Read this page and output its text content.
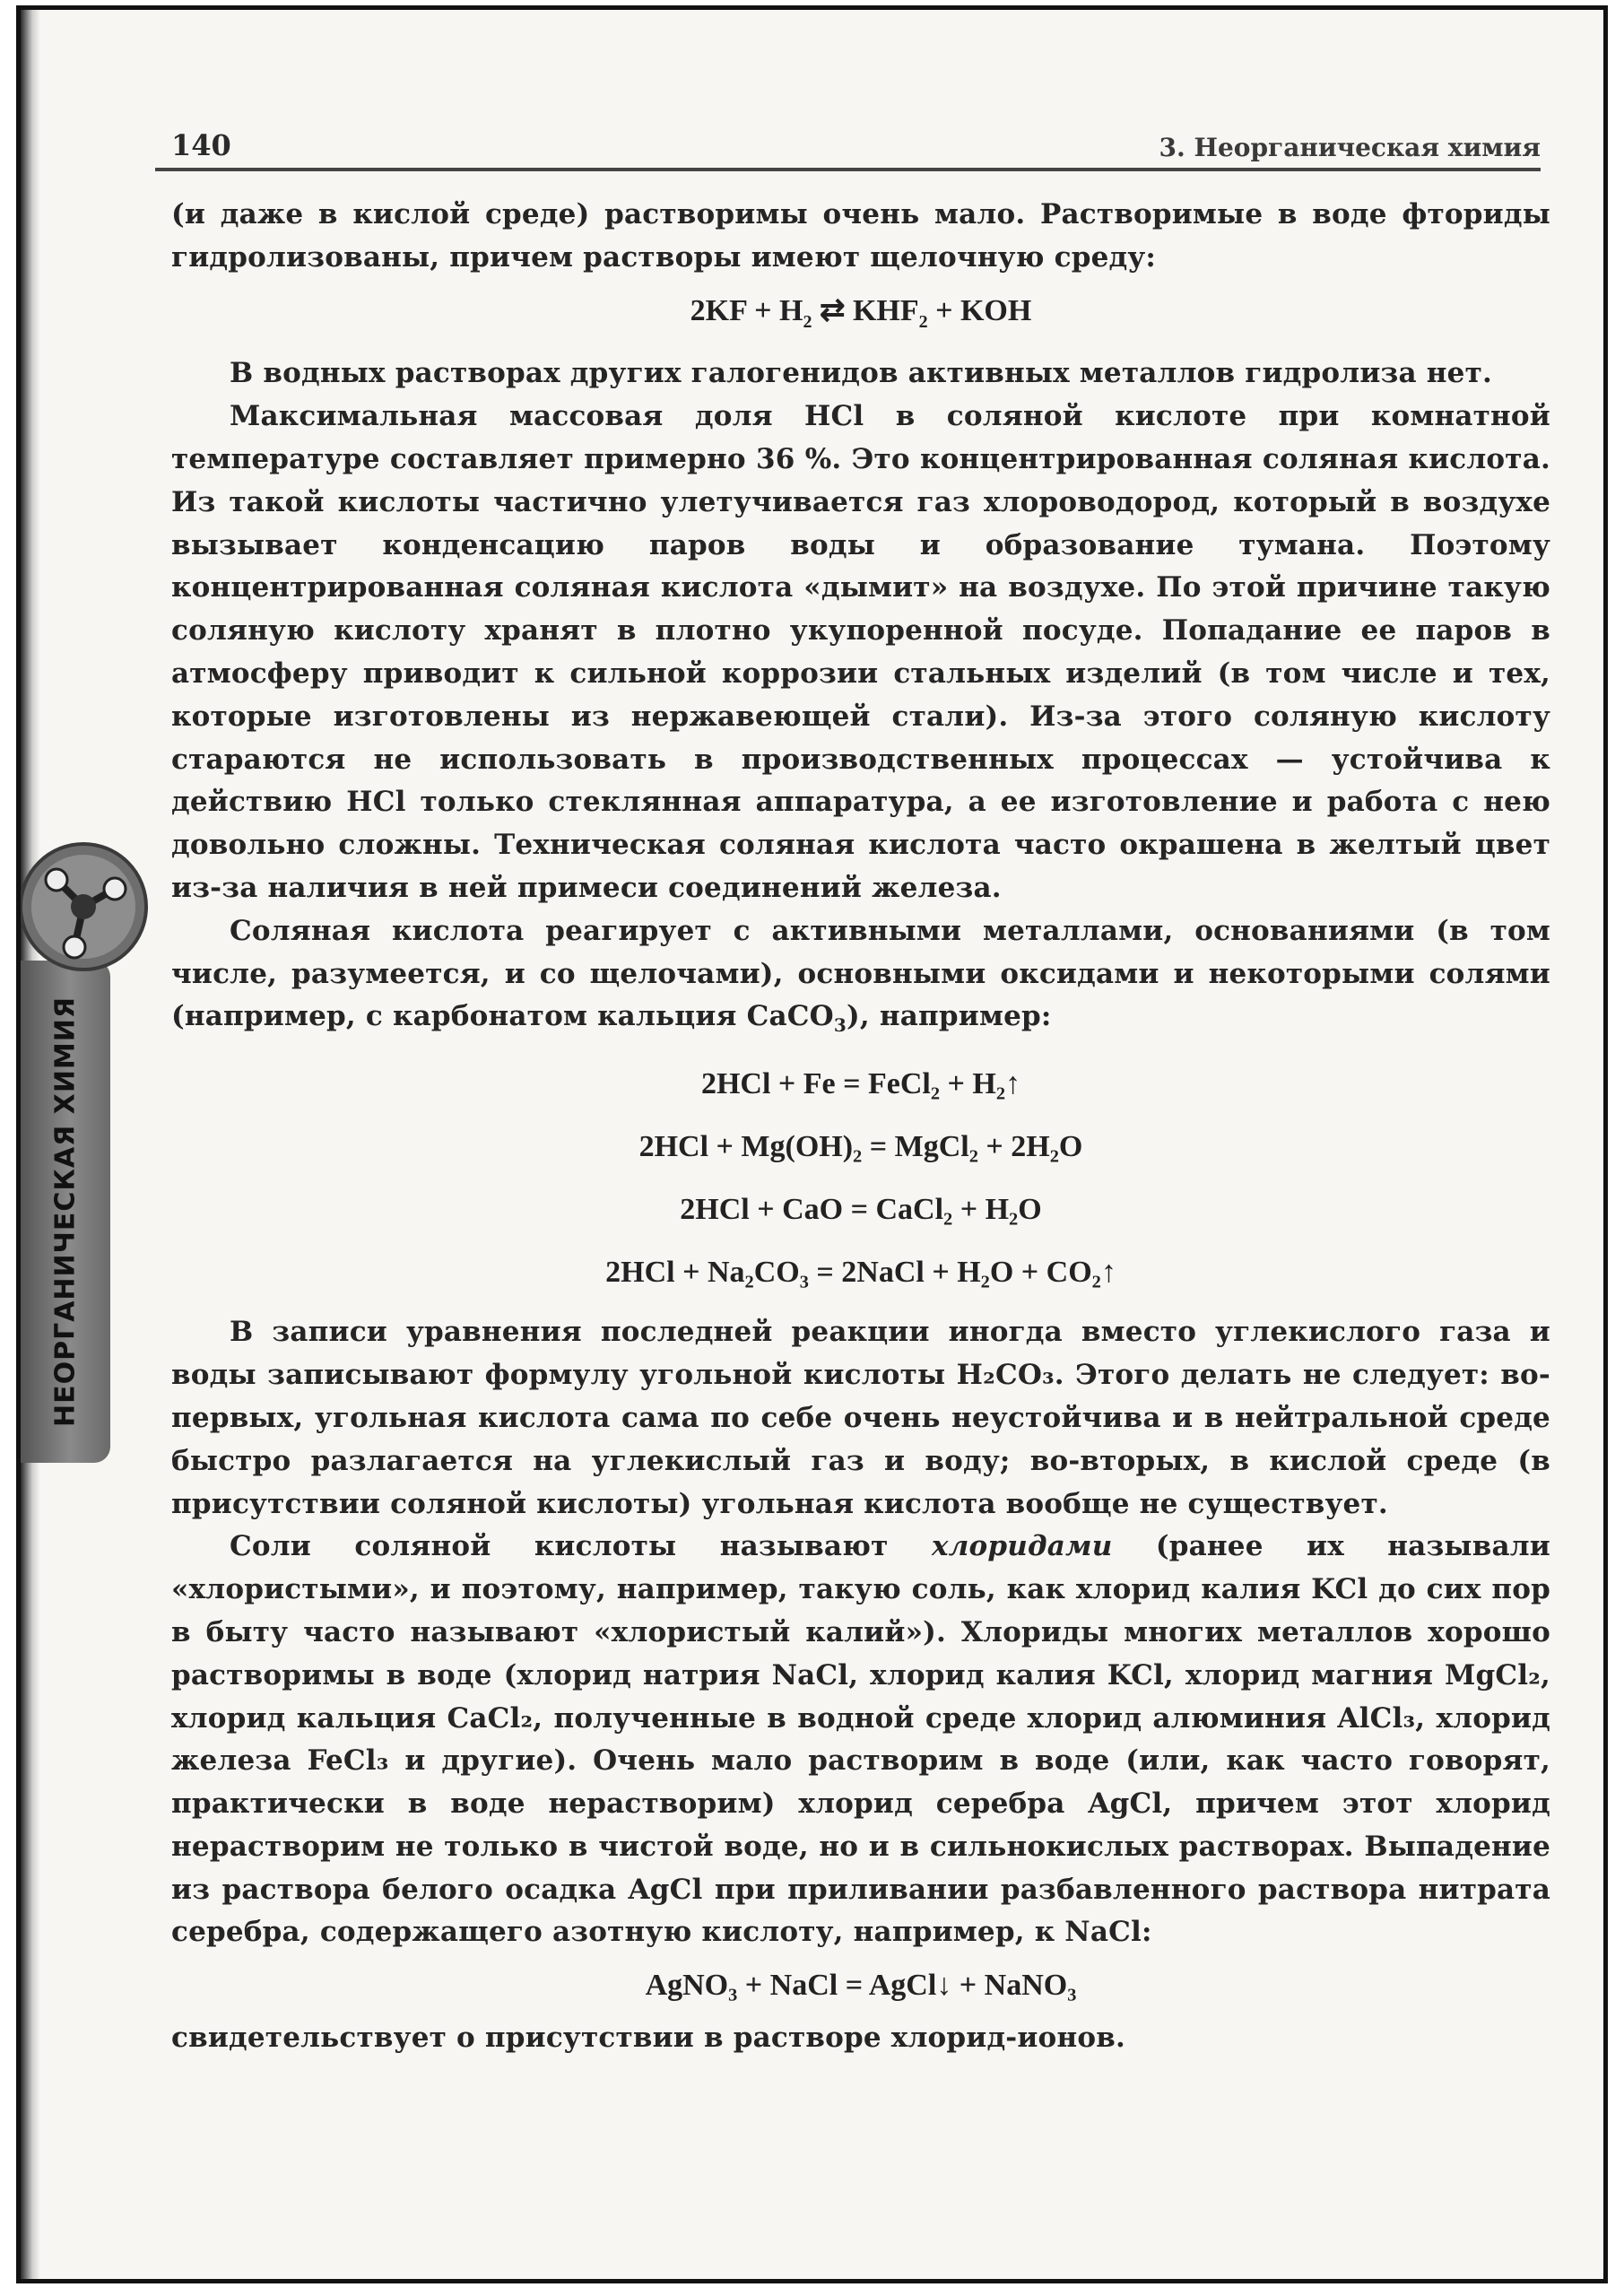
140	3. Неорганическая химия

(и даже в кислой среде) растворимы очень мало. Растворимые в воде фториды гидролизованы, причем растворы имеют щелочную среду:

$2KF + H_2$ ⇄ $KHF_2$ + KOH

В водных растворах других галогенидов активных металлов гидролиза нет.

Максимальная массовая доля HCl в соляной кислоте при комнатной температуре составляет примерно 36 %. Это концентрированная соляная кислота. Из такой кислоты частично улетучивается газ хлороводород, который в воздухе вызывает конденсацию паров воды и образование тумана. Поэтому концентрированная соляная кислота «дымит» на воздухе. По этой причине такую соляную кислоту хранят в плотно укупоренной посуде. Попадание ее паров в атмосферу приводит к сильной коррозии стальных изделий (в том числе и тех, которые изготовлены из нержавеющей стали). Из-за этого соляную кислоту стараются не использовать в производственных процессах — устойчива к действию HCl только стеклянная аппаратура, а ее изготовление и работа с нею довольно сложны. Техническая соляная кислота часто окрашена в желтый цвет из-за наличия в ней примеси соединений железа.

Соляная кислота реагирует с активными металлами, основаниями (в том числе, разумеется, и со щелочами), основными оксидами и некоторыми солями (например, с карбонатом кальция CaCO$_3$), например:

2HCl + Fe = FeCl₂ + H₂↑
2HCl + Mg(OH)₂ = MgCl₂ + 2H₂O
2HCl + CaO = CaCl₂ + H₂O
2HCl + Na₂CO₃ = 2NaCl + H₂O + CO₂↑

В записи уравнения последней реакции иногда вместо углекислого газа и воды записывают формулу угольной кислоты H₂CO₃. Этого делать не следует: во-первых, угольная кислота сама по себе очень неустойчива и в нейтральной среде быстро разлагается на углекислый газ и воду; во-вторых, в кислой среде (в присутствии соляной кислоты) угольная кислота вообще не существует.

Соли соляной кислоты называют хлоридами (ранее их называли «хлористыми», и поэтому, например, такую соль, как хлорид калия KCl до сих пор в быту часто называют «хлористый калий»). Хлориды многих металлов хорошо растворимы в воде (хлорид натрия NaCl, хлорид калия KCl, хлорид магния MgCl₂, хлорид кальция CaCl₂, полученные в водной среде хлорид алюминия AlCl₃, хлорид железа FeCl₃ и другие). Очень мало растворим в воде (или, как часто говорят, практически в воде нерастворим) хлорид серебра AgCl, причем этот хлорид нерастворим не только в чистой воде, но и в сильнокислых растворах. Выпадение из раствора белого осадка AgCl при приливании разбавленного раствора нитрата серебра, содержащего азотную кислоту, например, к NaCl:

AgNO₃ + NaCl = AgCl↓ + NaNO₃

свидетельствует о присутствии в растворе хлорид-ионов.

НЕОРГАНИЧЕСКАЯ ХИМИЯ
